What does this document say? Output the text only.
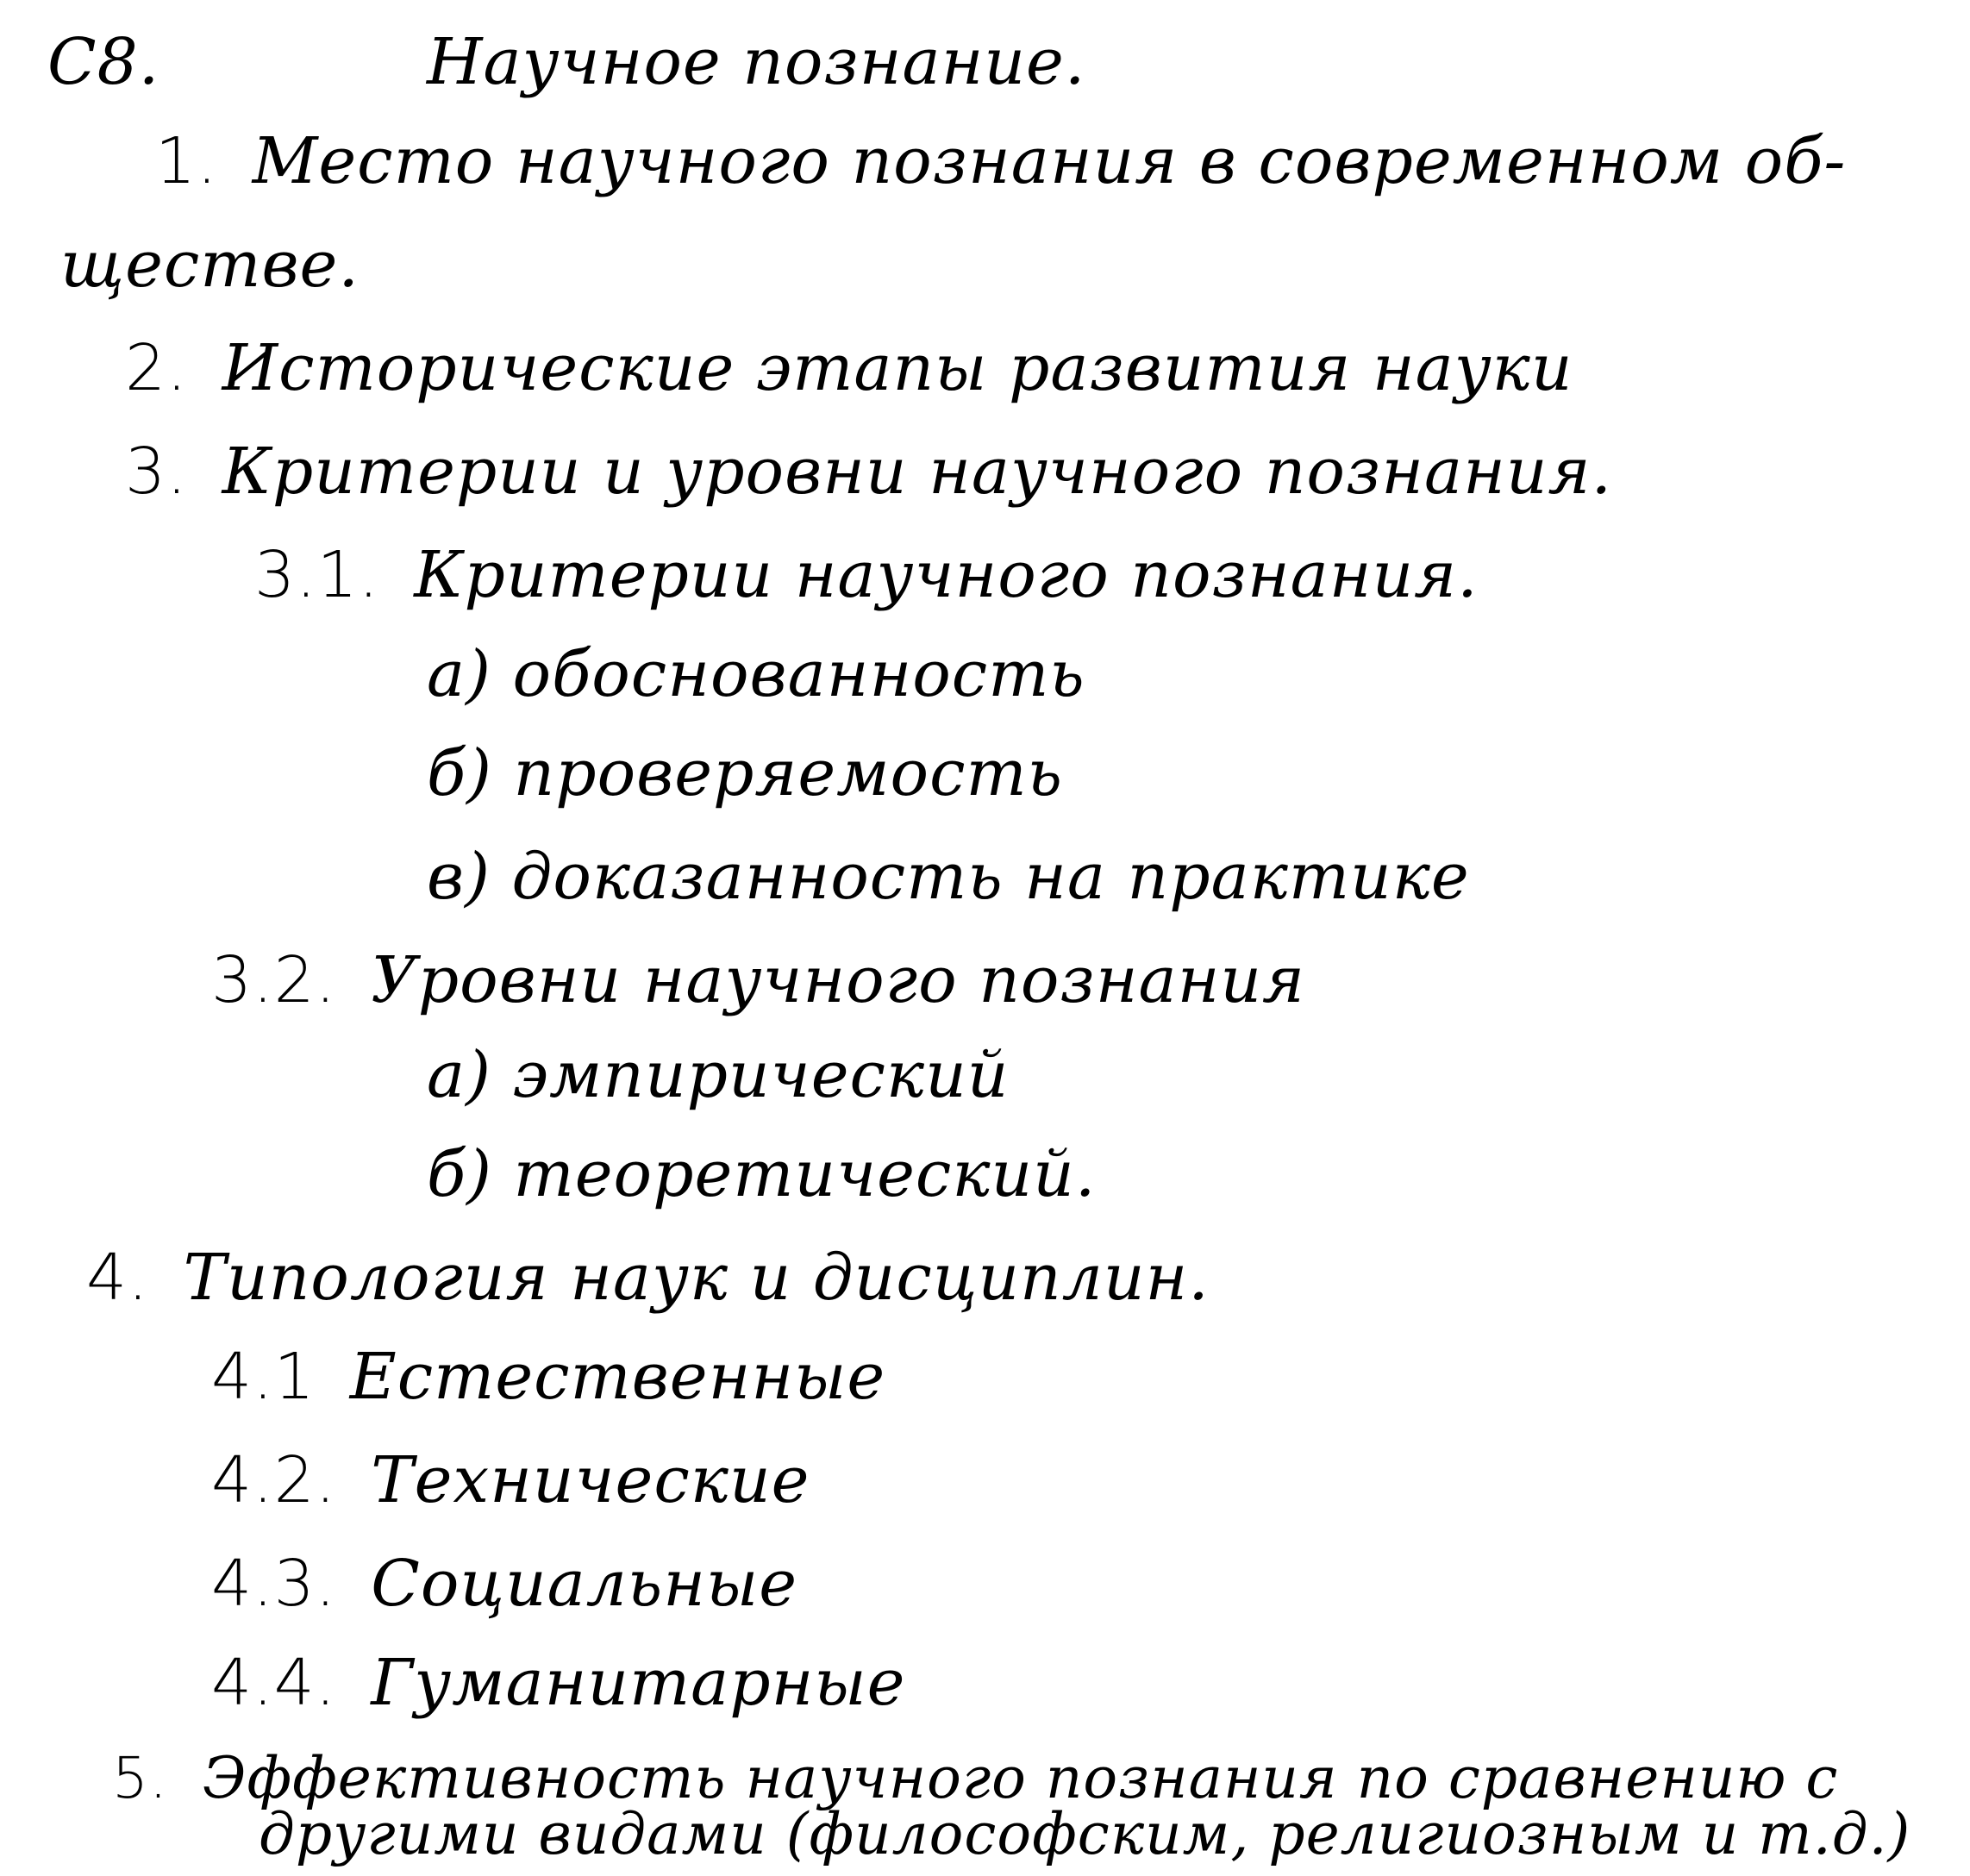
С8.	Научное познание.
1. Место научного познания в современном об-
ществе.
2. Исторические этапы развития науки
3. Критерии и уровни научного познания.
3.1. Критерии научного познания.
а) обоснованность
б) проверяемость
в) доказанность на практике
3.2. Уровни научного познания
а) эмпирический
б) теоретический.
4. Типология наук и дисциплин.
4.1 Естественные
4.2. Технические
4.3. Социальные
4.4. Гуманитарные
5. Эффективность научного познания по сравнению с
другими видами (философским, религиозным и т.д.)
